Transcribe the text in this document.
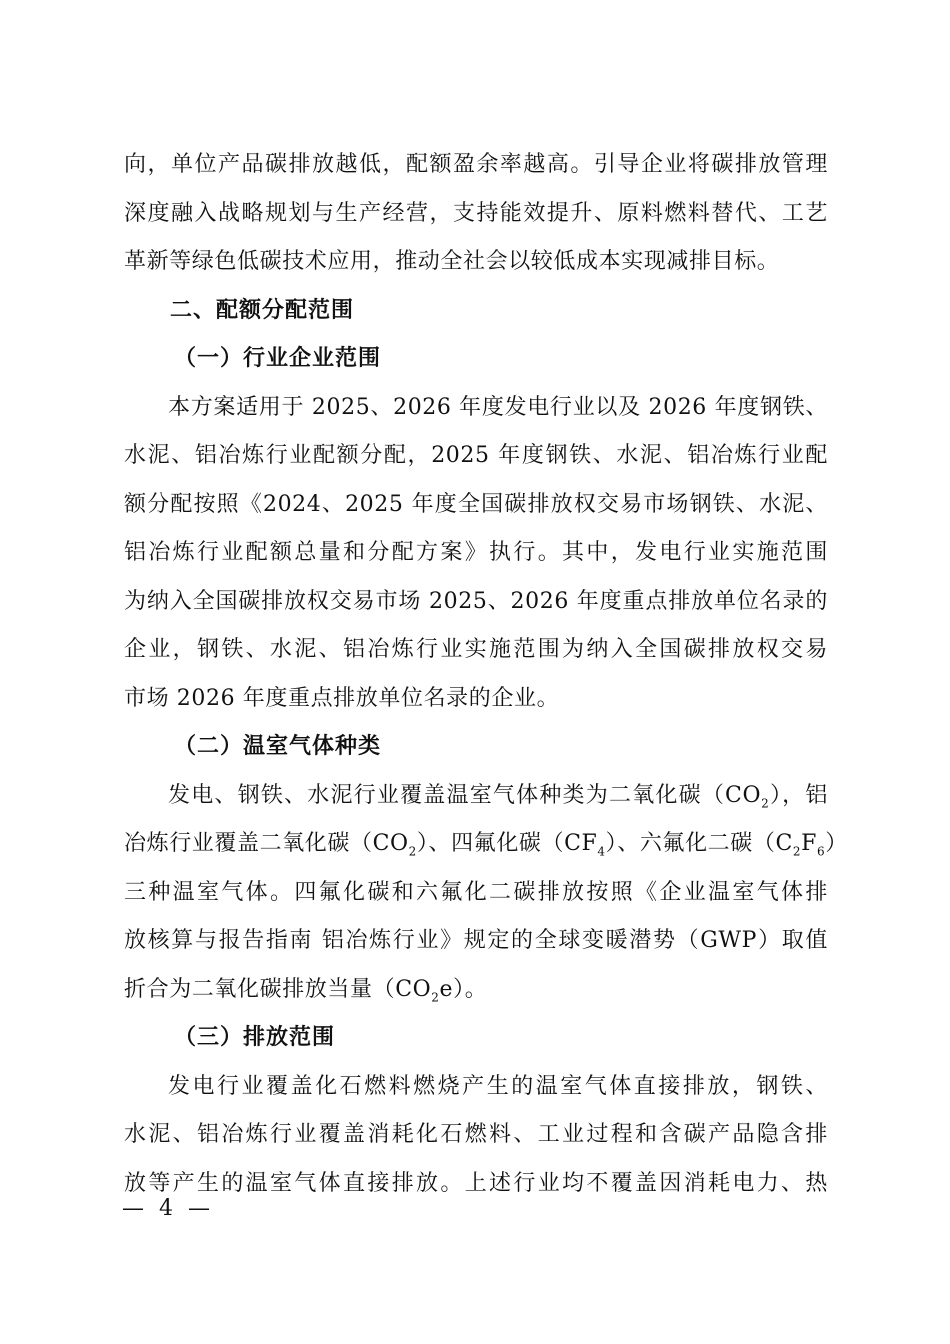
向，单位产品碳排放越低，配额盈余率越高。引导企业将碳排放管理
深度融入战略规划与生产经营，支持能效提升、原料燃料替代、工艺
革新等绿色低碳技术应用，推动全社会以较低成本实现减排目标。
二、配额分配范围
（一）行业企业范围
本方案适用于 2025、2026 年度发电行业以及 2026 年度钢铁、
水泥、铝冶炼行业配额分配，2025 年度钢铁、水泥、铝冶炼行业配
额分配按照《2024、2025 年度全国碳排放权交易市场钢铁、水泥、
铝冶炼行业配额总量和分配方案》执行。其中，发电行业实施范围
为纳入全国碳排放权交易市场 2025、2026 年度重点排放单位名录的
企业，钢铁、水泥、铝冶炼行业实施范围为纳入全国碳排放权交易
市场 2026 年度重点排放单位名录的企业。
（二）温室气体种类
发电、钢铁、水泥行业覆盖温室气体种类为二氧化碳$(CO_2)$，铝
冶炼行业覆盖二氧化碳$(CO_2)$、四氟化碳$(CF_4)$、六氟化二碳$(C_2F_6)$
三种温室气体。四氟化碳和六氟化二碳排放按照《企业温室气体排
放核算与报告指南 铝冶炼行业》规定的全球变暖潜势（GWP）取值
折合为二氧化碳排放当量$(CO_2e)$。
（三）排放范围
发电行业覆盖化石燃料燃烧产生的温室气体直接排放，钢铁、
水泥、铝冶炼行业覆盖消耗化石燃料、工业过程和含碳产品隐含排
放等产生的温室气体直接排放。上述行业均不覆盖因消耗电力、热
— 4 —
